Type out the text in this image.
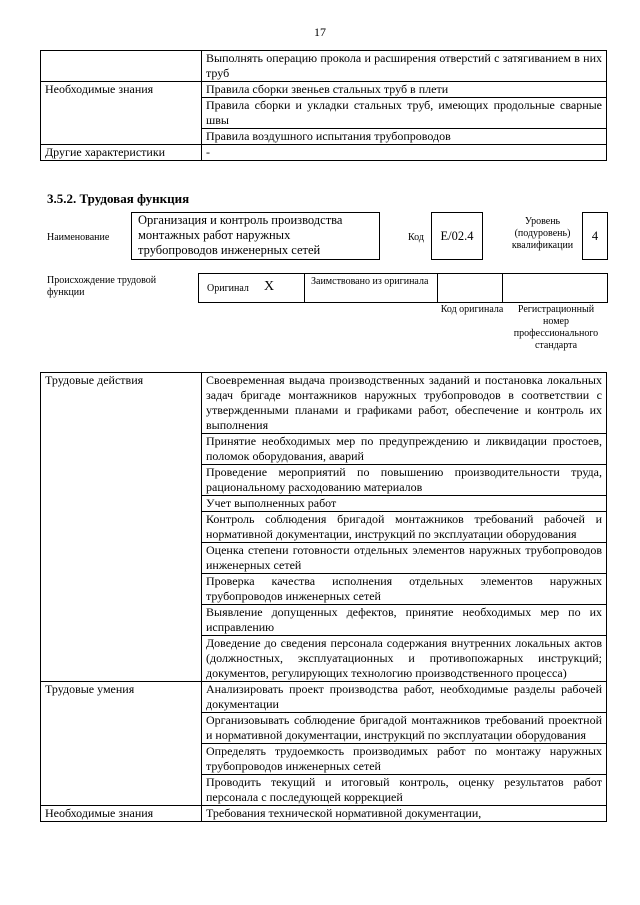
17
	Выполнять операцию прокола и расширения отверстий с затягиванием в них труб
Необходимые знания	Правила сборки звеньев стальных труб в плети
	Правила сборки и укладки стальных труб, имеющих продольные сварные швы
	Правила воздушного испытания трубопроводов
Другие характеристики	-
3.5.2. Трудовая функция
Наименование
Организация и контроль производства монтажных работ наружных трубопроводов инженерных сетей
Код	E/02.4
Уровень (подуровень) квалификации
4
Происхождение трудовой функции	Оригинал X	Заимствовано из оригинала
Код оригинала	Регистрационный номер профессионального стандарта
Трудовые действия	Своевременная выдача производственных заданий и постановка локальных задач бригаде монтажников наружных трубопроводов в соответствии с утвержденными планами и графиками работ, обеспечение и контроль их выполнения
	Принятие необходимых мер по предупреждению и ликвидации простоев, поломок оборудования, аварий
	Проведение мероприятий по повышению производительности труда, рациональному расходованию материалов
	Учет выполненных работ
	Контроль соблюдения бригадой монтажников требований рабочей и нормативной документации, инструкций по эксплуатации оборудования
	Оценка степени готовности отдельных элементов наружных трубопроводов инженерных сетей
	Проверка качества исполнения отдельных элементов наружных трубопроводов инженерных сетей
	Выявление допущенных дефектов, принятие необходимых мер по их исправлению
	Доведение до сведения персонала содержания внутренних локальных актов (должностных, эксплуатационных и противопожарных инструкций; документов, регулирующих технологию производственного процесса)
Трудовые умения	Анализировать проект производства работ, необходимые разделы рабочей документации
	Организовывать соблюдение бригадой монтажников требований проектной и нормативной документации, инструкций по эксплуатации оборудования
	Определять трудоемкость производимых работ по монтажу наружных трубопроводов инженерных сетей
	Проводить текущий и итоговый контроль, оценку результатов работ персонала с последующей коррекцией
Необходимые знания	Требования технической нормативной документации,
